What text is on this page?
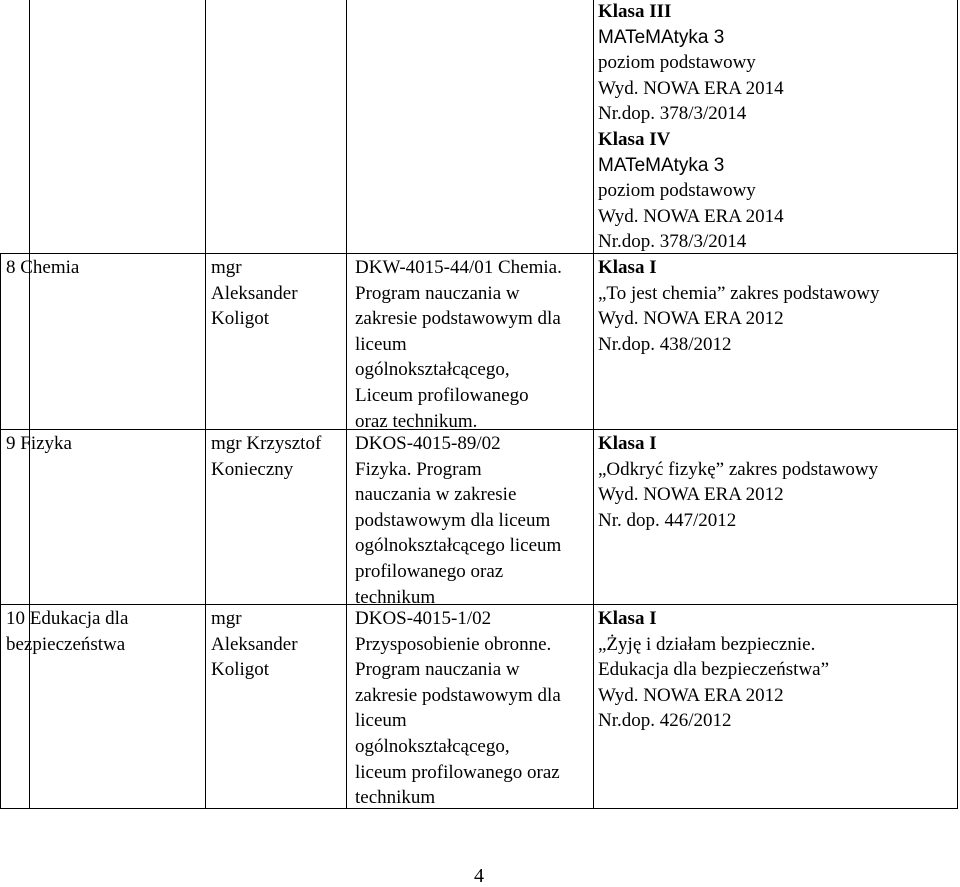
Klasa III
MATeMAtyka 3
poziom podstawowy
Wyd. NOWA ERA 2014
Nr.dop. 378/3/2014
Klasa IV
MATeMAtyka 3
poziom podstawowy
Wyd. NOWA ERA 2014
Nr.dop. 378/3/2014
8 Chemia	mgr
Aleksander
Koligot
DKW-4015-44/01 Chemia.
Program nauczania w
zakresie podstawowym dla
liceum
ogólnokształcącego,
Liceum profilowanego
oraz technikum.
Klasa I
„To jest chemia” zakres podstawowy
Wyd. NOWA ERA 2012
Nr.dop. 438/2012
9 Fizyka	mgr Krzysztof
Konieczny
DKOS-4015-89/02
Fizyka. Program
nauczania w zakresie
podstawowym dla liceum
ogólnokształcącego liceum
profilowanego oraz
technikum
Klasa I
„Odkryć fizykę” zakres podstawowy
Wyd. NOWA ERA 2012
Nr. dop. 447/2012
10 Edukacja dla
bezpieczeństwa
mgr
Aleksander
Koligot
DKOS-4015-1/02
Przysposobienie obronne.
Program nauczania w
zakresie podstawowym dla
liceum
ogólnokształcącego,
liceum profilowanego oraz
technikum
Klasa I
„Żyję i działam bezpiecznie.
Edukacja dla bezpieczeństwa”
Wyd. NOWA ERA 2012
Nr.dop. 426/2012
4
